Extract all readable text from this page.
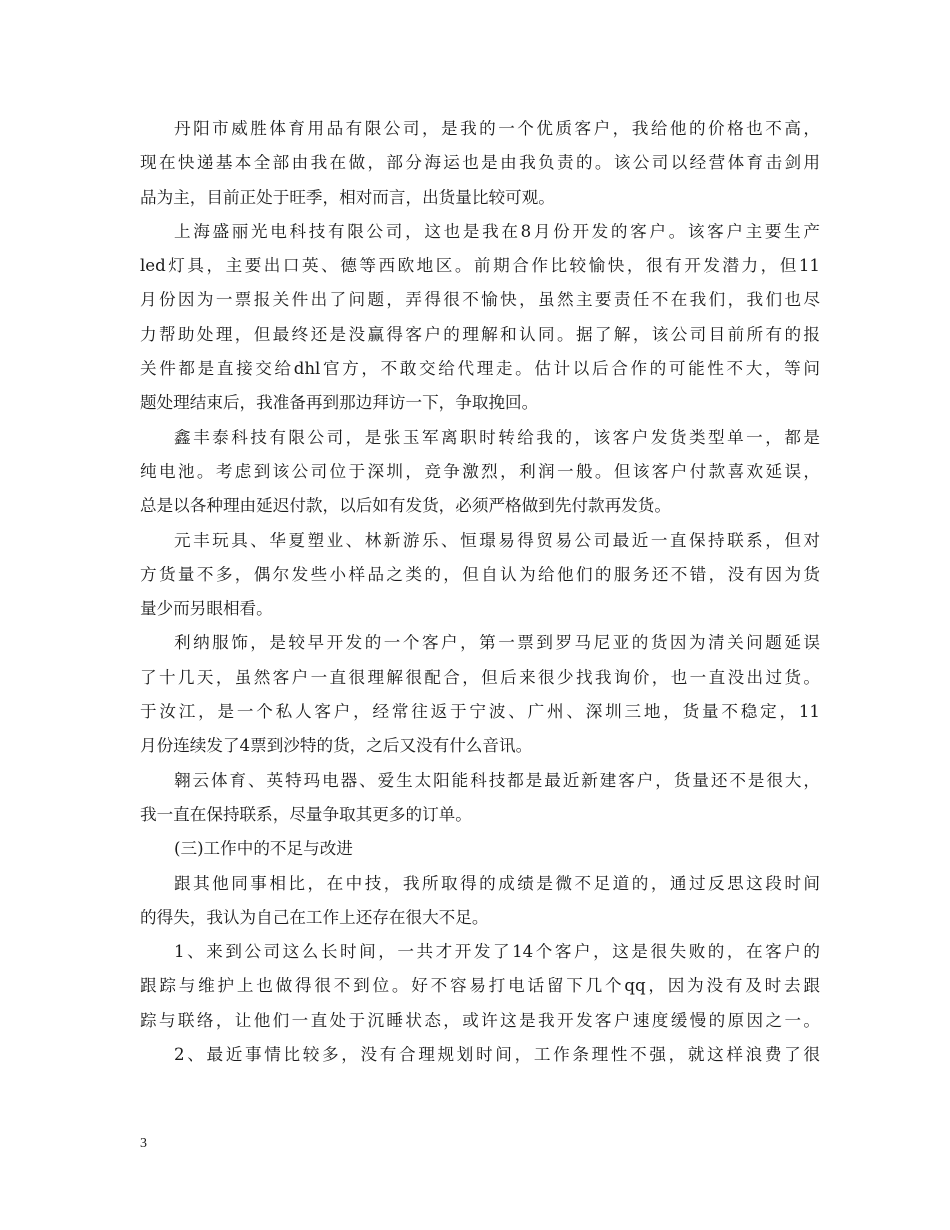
丹阳市威胜体育用品有限公司，是我的一个优质客户，我给他的价格也不高，
现在快递基本全部由我在做，部分海运也是由我负责的。该公司以经营体育击剑用
品为主，目前正处于旺季，相对而言，出货量比较可观。
上海盛丽光电科技有限公司，这也是我在8月份开发的客户。该客户主要生产
led灯具，主要出口英、德等西欧地区。前期合作比较愉快，很有开发潜力，但11
月份因为一票报关件出了问题，弄得很不愉快，虽然主要责任不在我们，我们也尽
力帮助处理，但最终还是没赢得客户的理解和认同。据了解，该公司目前所有的报
关件都是直接交给dhl官方，不敢交给代理走。估计以后合作的可能性不大，等问
题处理结束后，我准备再到那边拜访一下，争取挽回。
鑫丰泰科技有限公司，是张玉军离职时转给我的，该客户发货类型单一，都是
纯电池。考虑到该公司位于深圳，竞争激烈，利润一般。但该客户付款喜欢延误，
总是以各种理由延迟付款，以后如有发货，必须严格做到先付款再发货。
元丰玩具、华夏塑业、林新游乐、恒璟易得贸易公司最近一直保持联系，但对
方货量不多，偶尔发些小样品之类的，但自认为给他们的服务还不错，没有因为货
量少而另眼相看。
利纳服饰，是较早开发的一个客户，第一票到罗马尼亚的货因为清关问题延误
了十几天，虽然客户一直很理解很配合，但后来很少找我询价，也一直没出过货。
于汝江，是一个私人客户，经常往返于宁波、广州、深圳三地，货量不稳定，11
月份连续发了4票到沙特的货，之后又没有什么音讯。
翱云体育、英特玛电器、爱生太阳能科技都是最近新建客户，货量还不是很大，
我一直在保持联系，尽量争取其更多的订单。
(三)工作中的不足与改进
跟其他同事相比，在中技，我所取得的成绩是微不足道的，通过反思这段时间
的得失，我认为自己在工作上还存在很大不足。
1、来到公司这么长时间，一共才开发了14个客户，这是很失败的，在客户的
跟踪与维护上也做得很不到位。好不容易打电话留下几个qq，因为没有及时去跟
踪与联络，让他们一直处于沉睡状态，或许这是我开发客户速度缓慢的原因之一。
2、最近事情比较多，没有合理规划时间，工作条理性不强，就这样浪费了很
3
